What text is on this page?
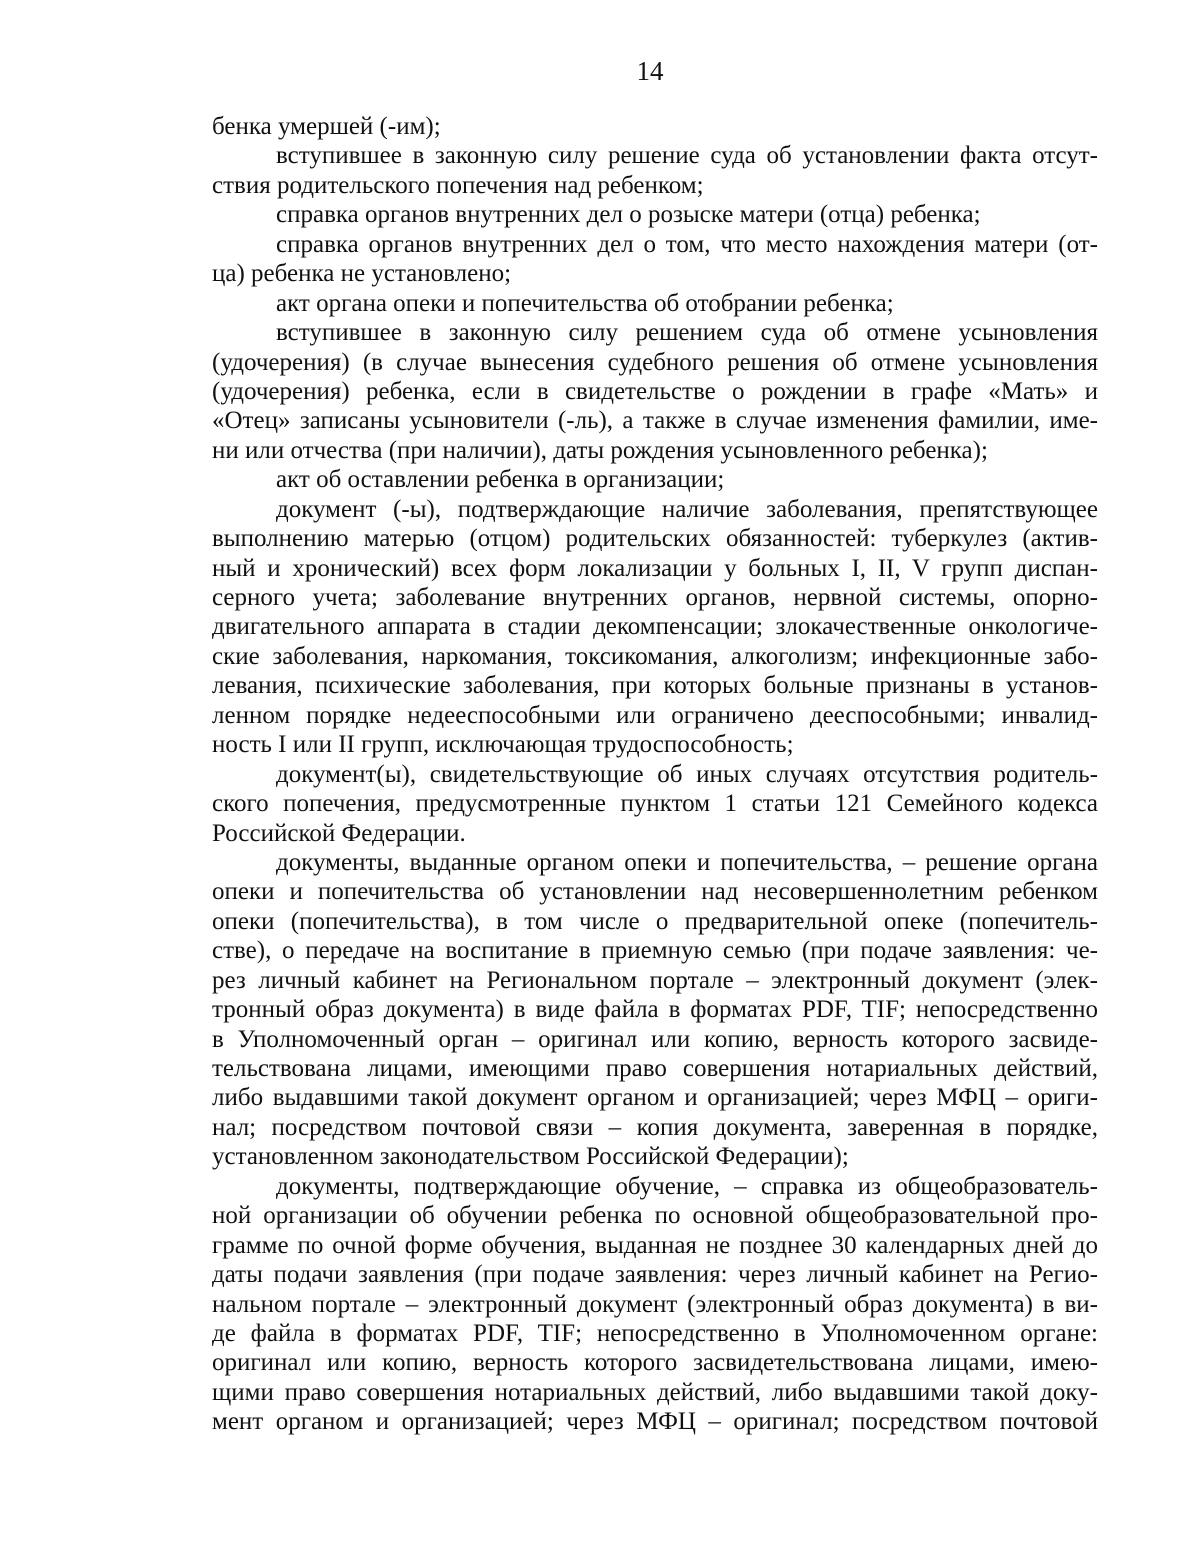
14
бенка умершей (-им);
вступившее в законную силу решение суда об установлении факта отсут-
ствия родительского попечения над ребенком;
справка органов внутренних дел о розыске матери (отца) ребенка;
справка органов внутренних дел о том, что место нахождения матери (от-
ца) ребенка не установлено;
акт органа опеки и попечительства об отобрании ребенка;
вступившее в законную силу решением суда об отмене усыновления
(удочерения) (в случае вынесения судебного решения об отмене усыновления
(удочерения) ребенка, если в свидетельстве о рождении в графе «Мать» и
«Отец» записаны усыновители (-ль), а также в случае изменения фамилии, име-
ни или отчества (при наличии), даты рождения усыновленного ребенка);
акт об оставлении ребенка в организации;
документ (-ы), подтверждающие наличие заболевания, препятствующее
выполнению матерью (отцом) родительских обязанностей: туберкулез (актив-
ный и хронический) всех форм локализации у больных I, II, V групп диспан-
серного учета; заболевание внутренних органов, нервной системы, опорно-
двигательного аппарата в стадии декомпенсации; злокачественные онкологиче-
ские заболевания, наркомания, токсикомания, алкоголизм; инфекционные забо-
левания, психические заболевания, при которых больные признаны в установ-
ленном порядке недееспособными или ограничено дееспособными; инвалид-
ность I или II групп, исключающая трудоспособность;
документ(ы), свидетельствующие об иных случаях отсутствия родитель-
ского попечения, предусмотренные пунктом 1 статьи 121 Семейного кодекса
Российской Федерации.
документы, выданные органом опеки и попечительства, – решение органа
опеки и попечительства об установлении над несовершеннолетним ребенком
опеки (попечительства), в том числе о предварительной опеке (попечитель-
стве), о передаче на воспитание в приемную семью (при подаче заявления: че-
рез личный кабинет на Региональном портале – электронный документ (элек-
тронный образ документа) в виде файла в форматах PDF, TIF; непосредственно
в Уполномоченный орган – оригинал или копию, верность которого засвиде-
тельствована лицами, имеющими право совершения нотариальных действий,
либо выдавшими такой документ органом и организацией; через МФЦ – ориги-
нал; посредством почтовой связи – копия документа, заверенная в порядке,
установленном законодательством Российской Федерации);
документы, подтверждающие обучение, – справка из общеобразователь-
ной организации об обучении ребенка по основной общеобразовательной про-
грамме по очной форме обучения, выданная не позднее 30 календарных дней до
даты подачи заявления (при подаче заявления: через личный кабинет на Регио-
нальном портале – электронный документ (электронный образ документа) в ви-
де файла в форматах PDF, TIF; непосредственно в Уполномоченном органе:
оригинал или копию, верность которого засвидетельствована лицами, имею-
щими право совершения нотариальных действий, либо выдавшими такой доку-
мент органом и организацией; через МФЦ – оригинал; посредством почтовой
